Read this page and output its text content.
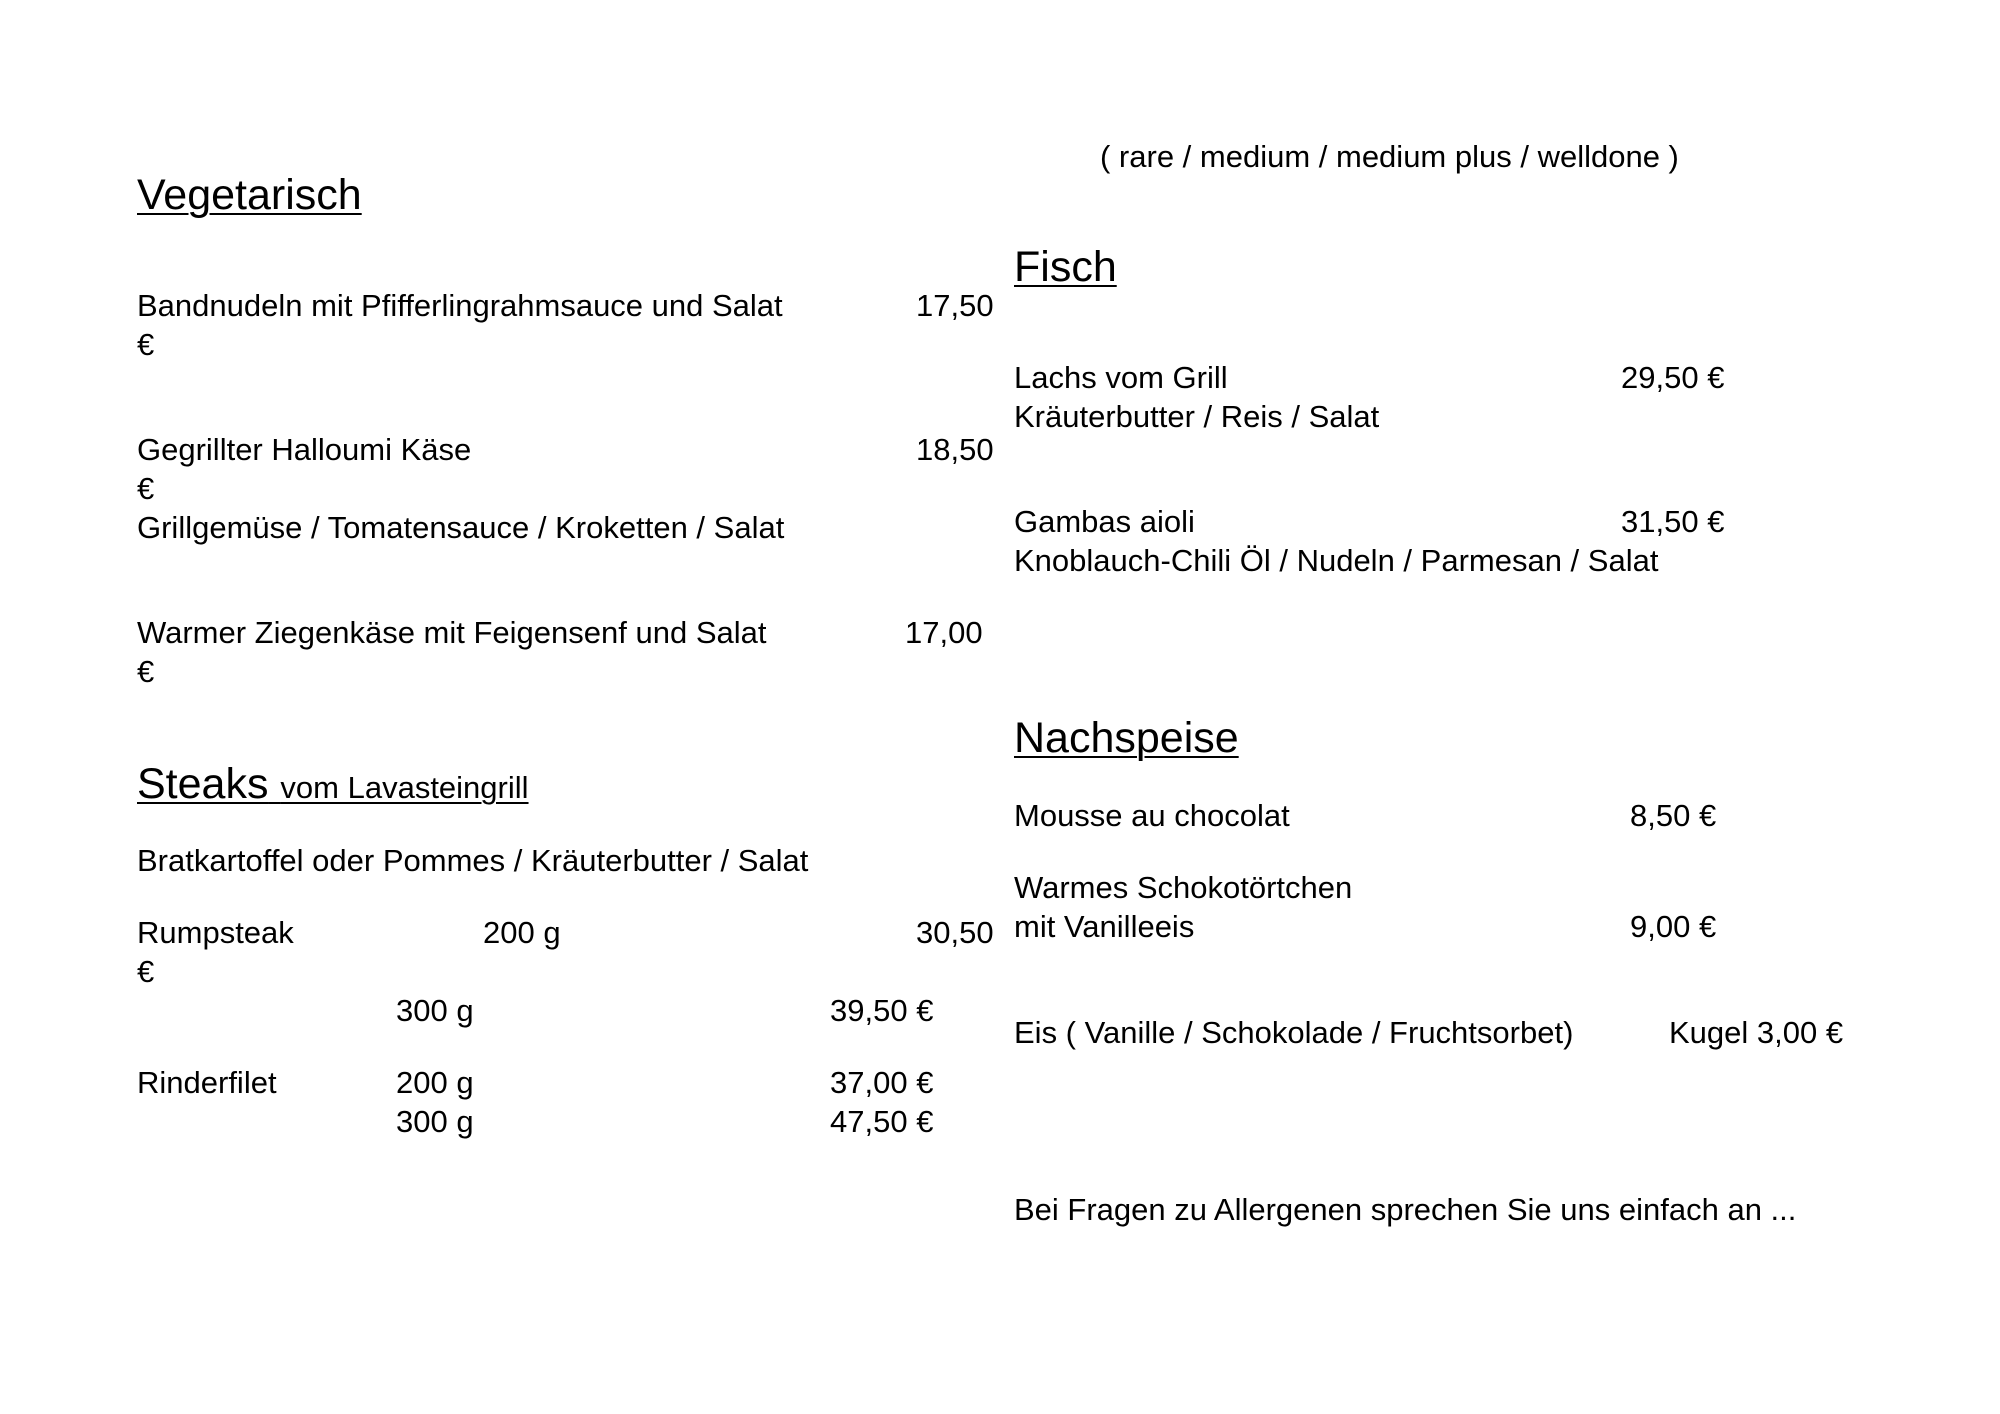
Vegetarisch
Bandnudeln mit Pfifferlingrahmsauce und Salat	17,50
€
Gegrillter Halloumi Käse	18,50
€
Grillgemüse / Tomatensauce / Kroketten / Salat
Warmer Ziegenkäse mit Feigensenf und Salat	17,00
€
Steaks vom Lavasteingrill
Bratkartoffel oder Pommes / Kräuterbutter / Salat
Rumpsteak	200 g	30,50
€
300 g	39,50 €
Rinderfilet	200 g	37,00 €
300 g	47,50 €
( rare / medium / medium plus / welldone )
Fisch
Lachs vom Grill	29,50 €
Kräuterbutter / Reis / Salat
Gambas aioli	31,50 €
Knoblauch-Chili Öl / Nudeln / Parmesan / Salat
Nachspeise
Mousse au chocolat	8,50 €
Warmes Schokotörtchen
mit Vanilleeis	9,00 €
Eis ( Vanille / Schokolade / Fruchtsorbet)	Kugel 3,00 €
Bei Fragen zu Allergenen sprechen Sie uns einfach an ...
